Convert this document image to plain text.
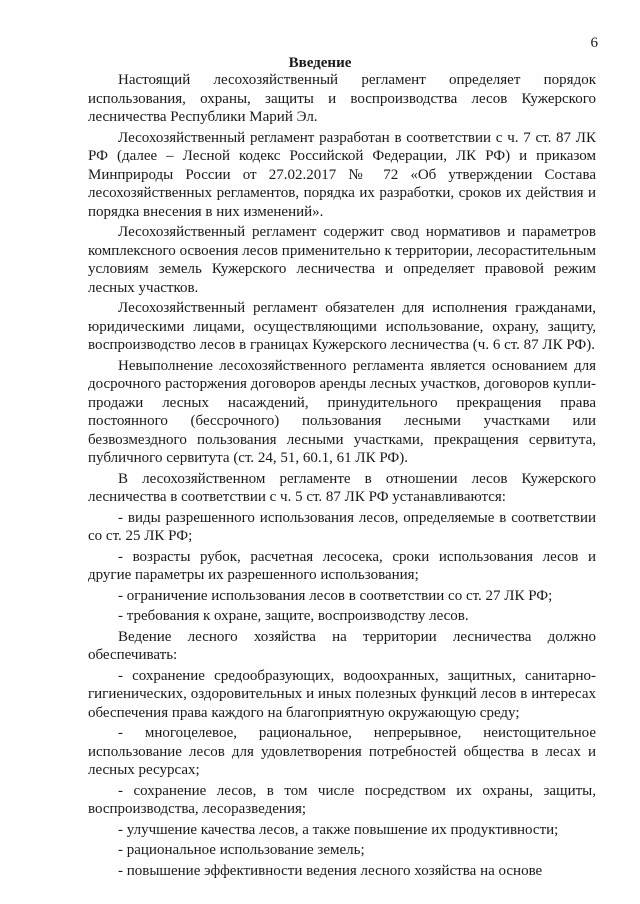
6
Введение

Настоящий лесохозяйственный регламент определяет порядок использования, охраны, защиты и воспроизводства лесов Кужерского лесничества Республики Марий Эл.

Лесохозяйственный регламент разработан в соответствии с ч. 7 ст. 87 ЛК РФ (далее – Лесной кодекс Российской Федерации, ЛК РФ) и приказом Минприроды России от 27.02.2017 № 72 «Об утверждении Состава лесохозяйственных регламентов, порядка их разработки, сроков их действия и порядка внесения в них изменений».

Лесохозяйственный регламент содержит свод нормативов и параметров комплексного освоения лесов применительно к территории, лесорастительным условиям земель Кужерского лесничества и определяет правовой режим лесных участков.

Лесохозяйственный регламент обязателен для исполнения гражданами, юридическими лицами, осуществляющими использование, охрану, защиту, воспроизводство лесов в границах Кужерского лесничества (ч. 6 ст. 87 ЛК РФ).

Невыполнение лесохозяйственного регламента является основанием для досрочного расторжения договоров аренды лесных участков, договоров купли-продажи лесных насаждений, принудительного прекращения права постоянного (бессрочного) пользования лесными участками или безвозмездного пользования лесными участками, прекращения сервитута, публичного сервитута (ст. 24, 51, 60.1, 61 ЛК РФ).

В лесохозяйственном регламенте в отношении лесов Кужерского лесничества в соответствии с ч. 5 ст. 87 ЛК РФ устанавливаются:

- виды разрешенного использования лесов, определяемые в соответствии со ст. 25 ЛК РФ;

- возрасты рубок, расчетная лесосека, сроки использования лесов и другие параметры их разрешенного использования;

- ограничение использования лесов в соответствии со ст. 27 ЛК РФ;

- требования к охране, защите, воспроизводству лесов.

Ведение лесного хозяйства на территории лесничества должно обеспечивать:

- сохранение средообразующих, водоохранных, защитных, санитарно-гигиенических, оздоровительных и иных полезных функций лесов в интересах обеспечения права каждого на благоприятную окружающую среду;

- многоцелевое, рациональное, непрерывное, неистощительное использование лесов для удовлетворения потребностей общества в лесах и лесных ресурсах;

- сохранение лесов, в том числе посредством их охраны, защиты, воспроизводства, лесоразведения;

- улучшение качества лесов, а также повышение их продуктивности;

- рациональное использование земель;

- повышение эффективности ведения лесного хозяйства на основе
